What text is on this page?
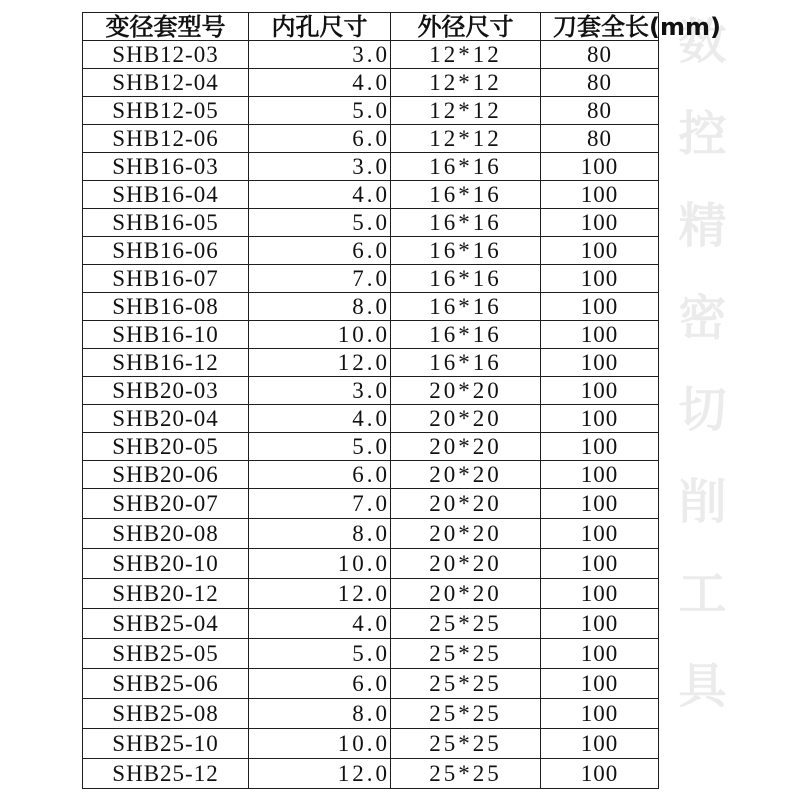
数控精密切削工具
变径套型号	内孔尺寸	外径尺寸	刀套全长(mm)
SHB12-03	3.0	12*12	80
SHB12-04	4.0	12*12	80
SHB12-05	5.0	12*12	80
SHB12-06	6.0	12*12	80
SHB16-03	3.0	16*16	100
SHB16-04	4.0	16*16	100
SHB16-05	5.0	16*16	100
SHB16-06	6.0	16*16	100
SHB16-07	7.0	16*16	100
SHB16-08	8.0	16*16	100
SHB16-10	10.0	16*16	100
SHB16-12	12.0	16*16	100
SHB20-03	3.0	20*20	100
SHB20-04	4.0	20*20	100
SHB20-05	5.0	20*20	100
SHB20-06	6.0	20*20	100
SHB20-07	7.0	20*20	100
SHB20-08	8.0	20*20	100
SHB20-10	10.0	20*20	100
SHB20-12	12.0	20*20	100
SHB25-04	4.0	25*25	100
SHB25-05	5.0	25*25	100
SHB25-06	6.0	25*25	100
SHB25-08	8.0	25*25	100
SHB25-10	10.0	25*25	100
SHB25-12	12.0	25*25	100
